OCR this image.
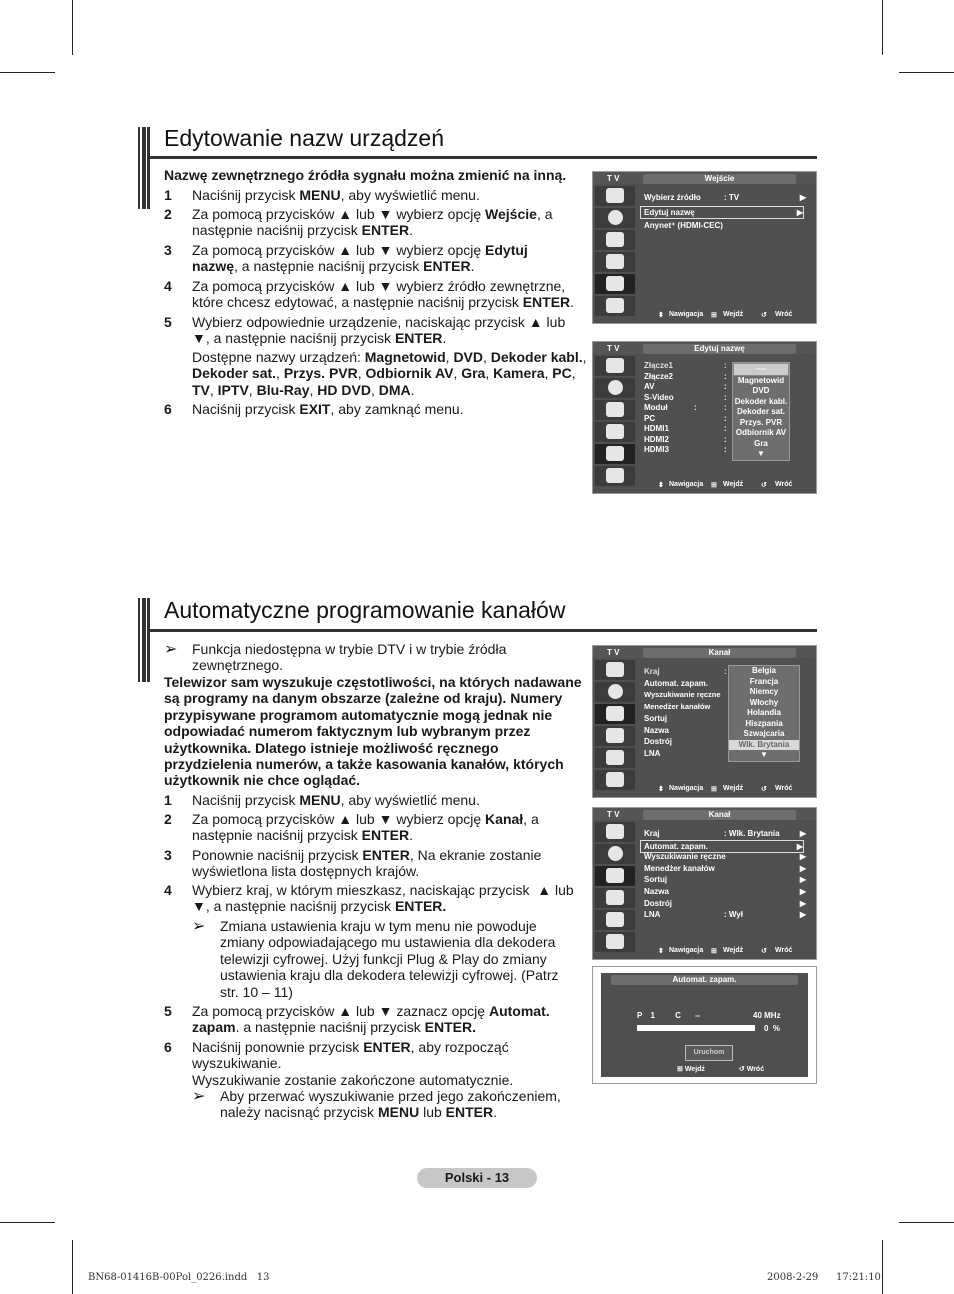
Edytowanie nazw urządzeń
Nazwę zewnętrznego źródła sygnału można zmienić na inną.
1 Naciśnij przycisk MENU, aby wyświetlić menu.
2 Za pomocą przycisków ▲ lub ▼ wybierz opcję Wejście, a
następnie naciśnij przycisk ENTER.
3 Za pomocą przycisków ▲ lub ▼ wybierz opcję Edytuj
nazwę, a następnie naciśnij przycisk ENTER.
4 Za pomocą przycisków ▲ lub ▼ wybierz źródło zewnętrzne,
które chcesz edytować, a następnie naciśnij przycisk ENTER.
5 Wybierz odpowiednie urządzenie, naciskając przycisk ▲ lub
▼, a następnie naciśnij przycisk ENTER.
Dostępne nazwy urządzeń: Magnetowid, DVD, Dekoder kabl.,
Dekoder sat., Przys. PVR, Odbiornik AV, Gra, Kamera, PC,
TV, IPTV, Blu-Ray, HD DVD, DMA.
6 Naciśnij przycisk EXIT, aby zamknąć menu.
Automatyczne programowanie kanałów
➢ Funkcja niedostępna w trybie DTV i w trybie źródła zewnętrznego.
Telewizor sam wyszukuje częstotliwości, na których nadawane są programy na danym obszarze (zależne od kraju). Numery przypisywane programom automatycznie mogą jednak nie odpowiadać numerom faktycznym lub wybranym przez użytkownika. Dlatego istnieje możliwość ręcznego przydzielenia numerów, a także kasowania kanałów, których użytkownik nie chce oglądać.
1 Naciśnij przycisk MENU, aby wyświetlić menu.
2 Za pomocą przycisków ▲ lub ▼ wybierz opcję Kanał, a
następnie naciśnij przycisk ENTER.
3 Ponownie naciśnij przycisk ENTER, Na ekranie zostanie
wyświetlona lista dostępnych krajów.
4 Wybierz kraj, w którym mieszkasz, naciskając przycisk  ▲ lub
▼, a następnie naciśnij przycisk ENTER.
➢ Zmiana ustawienia kraju w tym menu nie powoduje zmiany odpowiadającego mu ustawienia dla dekodera telewizji cyfrowej. Użyj funkcji Plug & Play do zmiany ustawienia kraju dla dekodera telewizji cyfrowej. (Patrz str. 10 – 11)
5 Za pomocą przycisków ▲ lub ▼ zaznacz opcję Automat.
zapam. a następnie naciśnij przycisk ENTER.
6 Naciśnij ponownie przycisk ENTER, aby rozpocząć
wyszukiwanie.
Wyszukiwanie zostanie zakończone automatycznie.
➢ Aby przerwać wyszukiwanie przed jego zakończeniem,
należy nacisnąć przycisk MENU lub ENTER.
T V	Wejście
Wybierz źródło	: TV	▶
Edytuj nazwę	▶
Anynet⁺ (HDMI-CEC)
⬍ Nawigacja ⊞ Wejdź	↺ Wróć
T V	Edytuj nazwę
Złącze1	:
Złącze2	:
AV	:
S-Video	:
Moduł	:
:
PC	:
HDMI1	:
HDMI2	:
HDMI3	:
----
Magnetowid
DVD
Dekoder kabl.
Dekoder sat.
Przys. PVR
Odbiornik AV
Gra
▼
⬍ Nawigacja ⊞ Wejdź	↺ Wróć
T V	Kanał
Kraj	:
Automat. zapam.
Wyszukiwanie ręczne
Menedżer kanałów
Sortuj
Nazwa
Dostrój
LNA
Belgia
Francja
Niemcy
Włochy
Holandia
Hiszpania
Szwajcaria
Wlk. Brytania
▼
⬍ Nawigacja ⊞ Wejdź	↺ Wróć
T V	Kanał
Kraj	: Wlk. Brytania	▶
Automat. zapam.	▶
Wyszukiwanie ręczne	▶
Menedżer kanałów	▶
Sortuj	▶
Nazwa	▶
Dostrój	▶
LNA	: Wył	▶
⬍ Nawigacja ⊞ Wejdź	↺ Wróć
Automat. zapam.
P 1	C --	40 MHz
0  %
Uruchom
⊞ Wejdź	↺ Wróć
Polski - 13
BN68-01416B-00Pol_0226.indd   13	2008-2-29 17:21:10
